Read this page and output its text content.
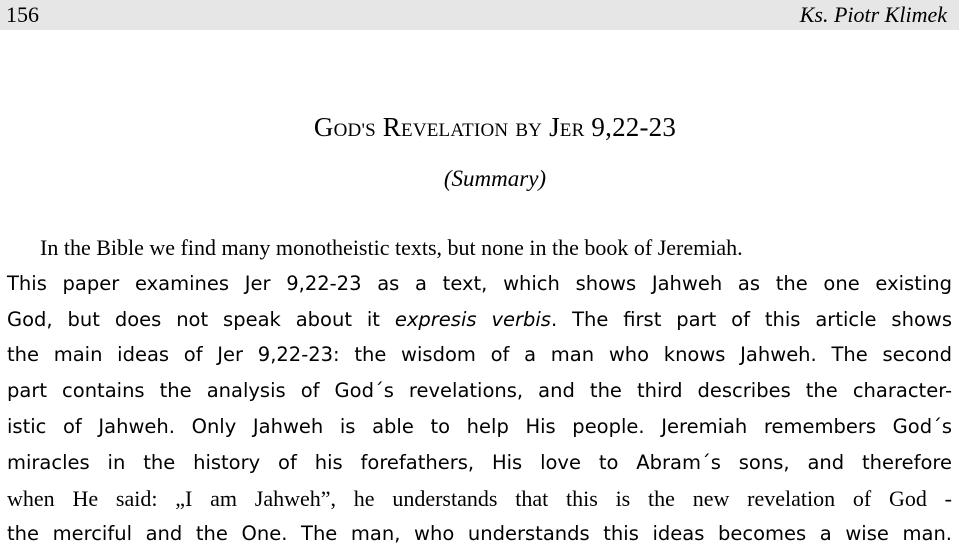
156	Ks. Piotr Klimek
GOD'S REVELATION BY JER 9,22-23
(Summary)
In the Bible we find many monotheistic texts, but none in the book of Jeremiah.
This paper examines Jer 9,22-23 as a text, which shows Jahweh as the one existing
God, but does not speak about it expresis verbis. The first part of this article shows
the main ideas of Jer 9,22-23: the wisdom of a man who knows Jahweh. The second
part contains the analysis of God´s revelations, and the third describes the character-
istic of Jahweh. Only Jahweh is able to help His people. Jeremiah remembers God´s
miracles in the history of his forefathers, His love to Abram´s sons, and therefore
when He said: „I am Jahweh”, he understands that this is the new revelation of God -
the merciful and the One. The man, who understands this ideas becomes a wise man.
